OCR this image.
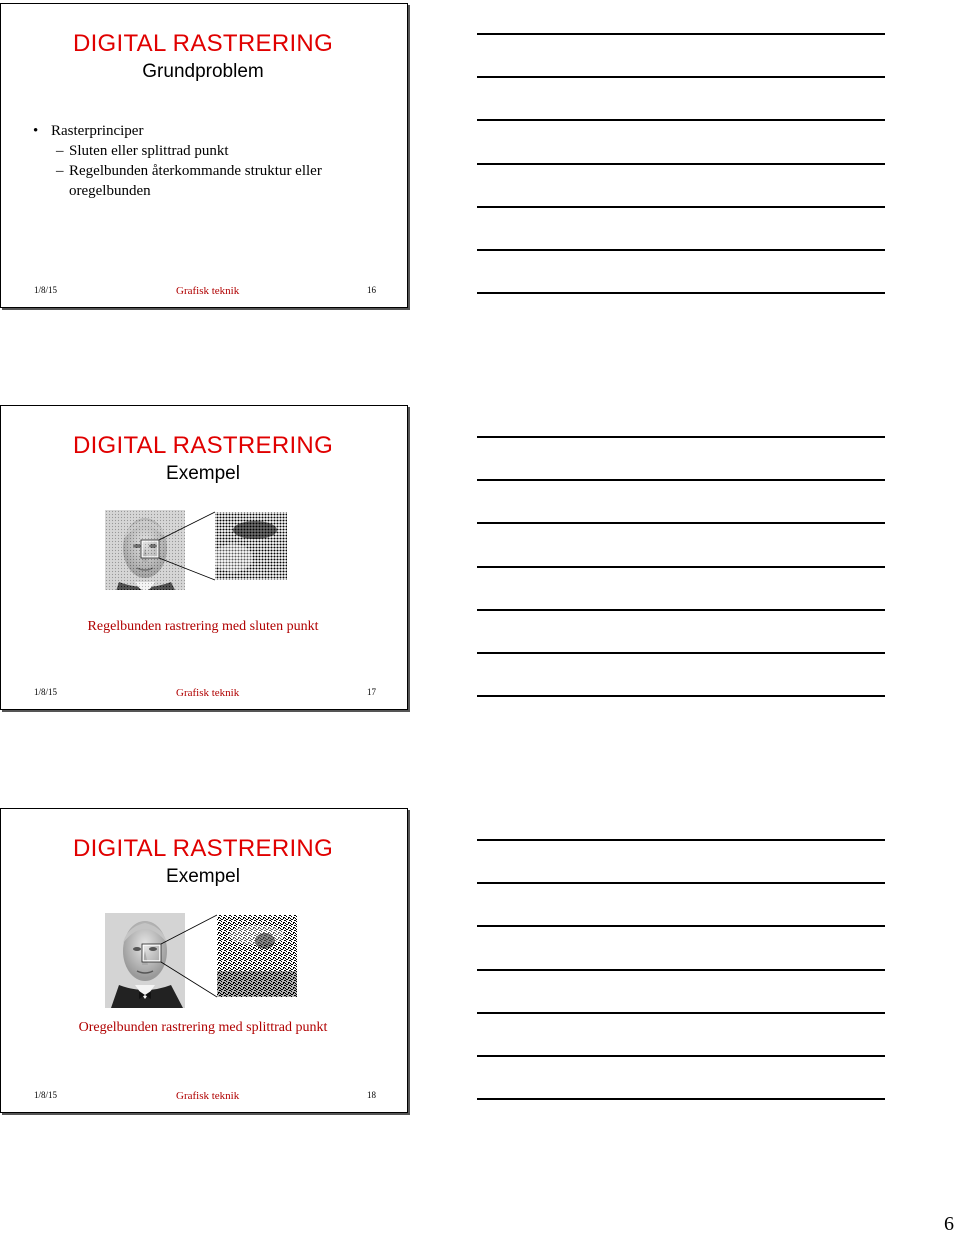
DIGITAL RASTRERING
Grundproblem
• Rasterprinciper
– Sluten eller splittrad punkt
– Regelbunden återkommande struktur eller
oregelbunden
1/8/15	Grafisk teknik	16
DIGITAL RASTRERING
Exempel
Regelbunden rastrering med sluten punkt
1/8/15	Grafisk teknik	17
DIGITAL RASTRERING
Exempel
Oregelbunden rastrering med splittrad punkt
1/8/15	Grafisk teknik	18
6
